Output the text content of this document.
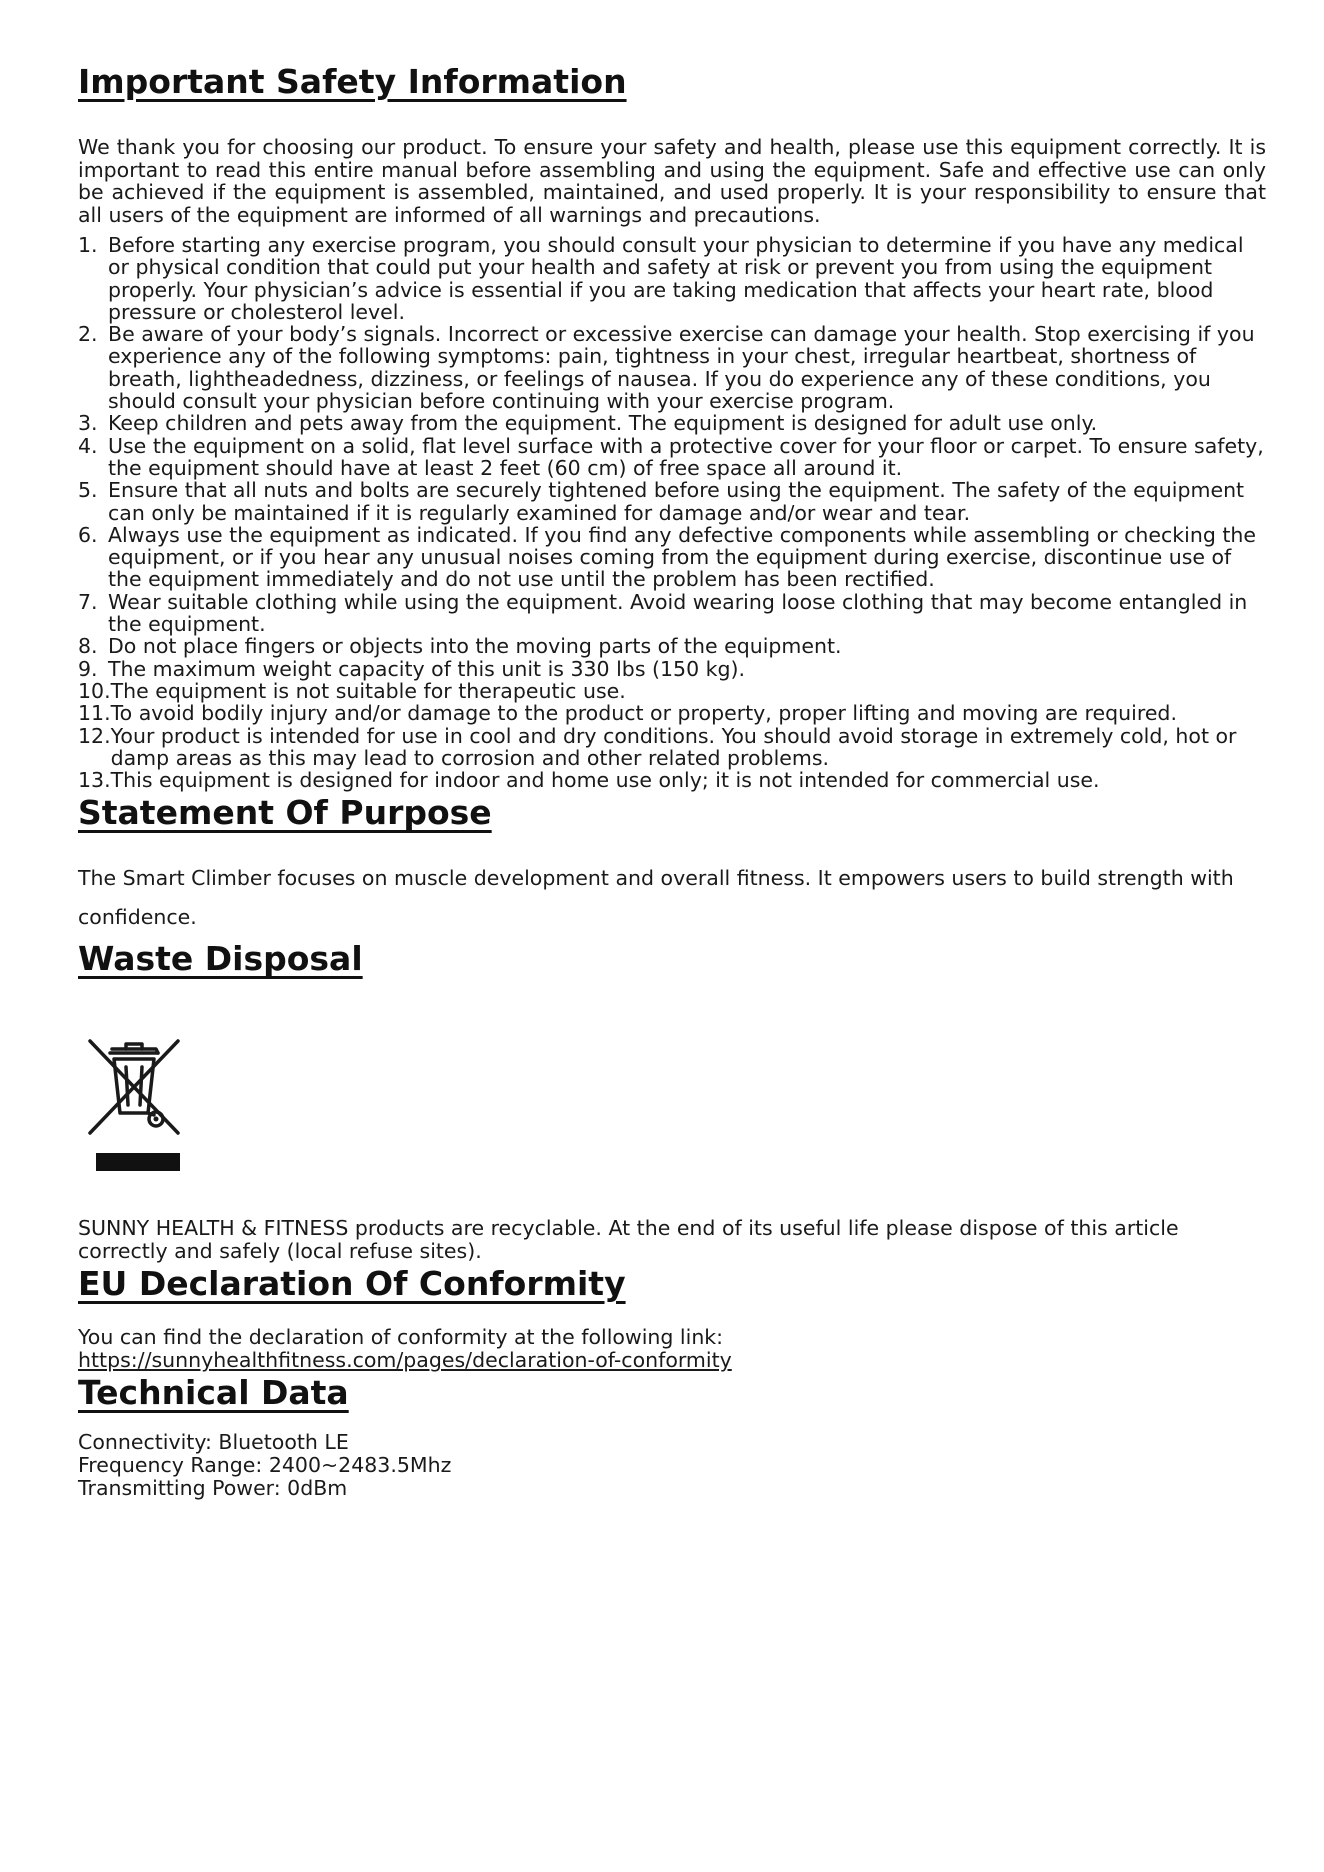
Important Safety Information

We thank you for choosing our product. To ensure your safety and health, please use this equipment correctly. It is important to read this entire manual before assembling and using the equipment. Safe and effective use can only be achieved if the equipment is assembled, maintained, and used properly. It is your responsibility to ensure that all users of the equipment are informed of all warnings and precautions.

1. Before starting any exercise program, you should consult your physician to determine if you have any medical or physical condition that could put your health and safety at risk or prevent you from using the equipment properly. Your physician’s advice is essential if you are taking medication that affects your heart rate, blood pressure or cholesterol level.
2. Be aware of your body’s signals. Incorrect or excessive exercise can damage your health. Stop exercising if you experience any of the following symptoms: pain, tightness in your chest, irregular heartbeat, shortness of breath, lightheadedness, dizziness, or feelings of nausea. If you do experience any of these conditions, you should consult your physician before continuing with your exercise program.
3. Keep children and pets away from the equipment. The equipment is designed for adult use only.
4. Use the equipment on a solid, flat level surface with a protective cover for your floor or carpet. To ensure safety, the equipment should have at least 2 feet (60 cm) of free space all around it.
5. Ensure that all nuts and bolts are securely tightened before using the equipment. The safety of the equipment can only be maintained if it is regularly examined for damage and/or wear and tear.
6. Always use the equipment as indicated. If you find any defective components while assembling or checking the equipment, or if you hear any unusual noises coming from the equipment during exercise, discontinue use of the equipment immediately and do not use until the problem has been rectified.
7. Wear suitable clothing while using the equipment. Avoid wearing loose clothing that may become entangled in the equipment.
8. Do not place fingers or objects into the moving parts of the equipment.
9. The maximum weight capacity of this unit is 330 lbs (150 kg).
10. The equipment is not suitable for therapeutic use.
11. To avoid bodily injury and/or damage to the product or property, proper lifting and moving are required.
12. Your product is intended for use in cool and dry conditions. You should avoid storage in extremely cold, hot or damp areas as this may lead to corrosion and other related problems.
13. This equipment is designed for indoor and home use only; it is not intended for commercial use.
Statement Of Purpose

The Smart Climber focuses on muscle development and overall fitness. It empowers users to build strength with confidence.

Waste Disposal

SUNNY HEALTH & FITNESS products are recyclable. At the end of its useful life please dispose of this article correctly and safely (local refuse sites).

EU Declaration Of Conformity

You can find the declaration of conformity at the following link:

https://sunnyhealthfitness.com/pages/declaration-of-conformity

Technical Data

Connectivity: Bluetooth LE

Frequency Range: 2400~2483.5Mhz

Transmitting Power: 0dBm
